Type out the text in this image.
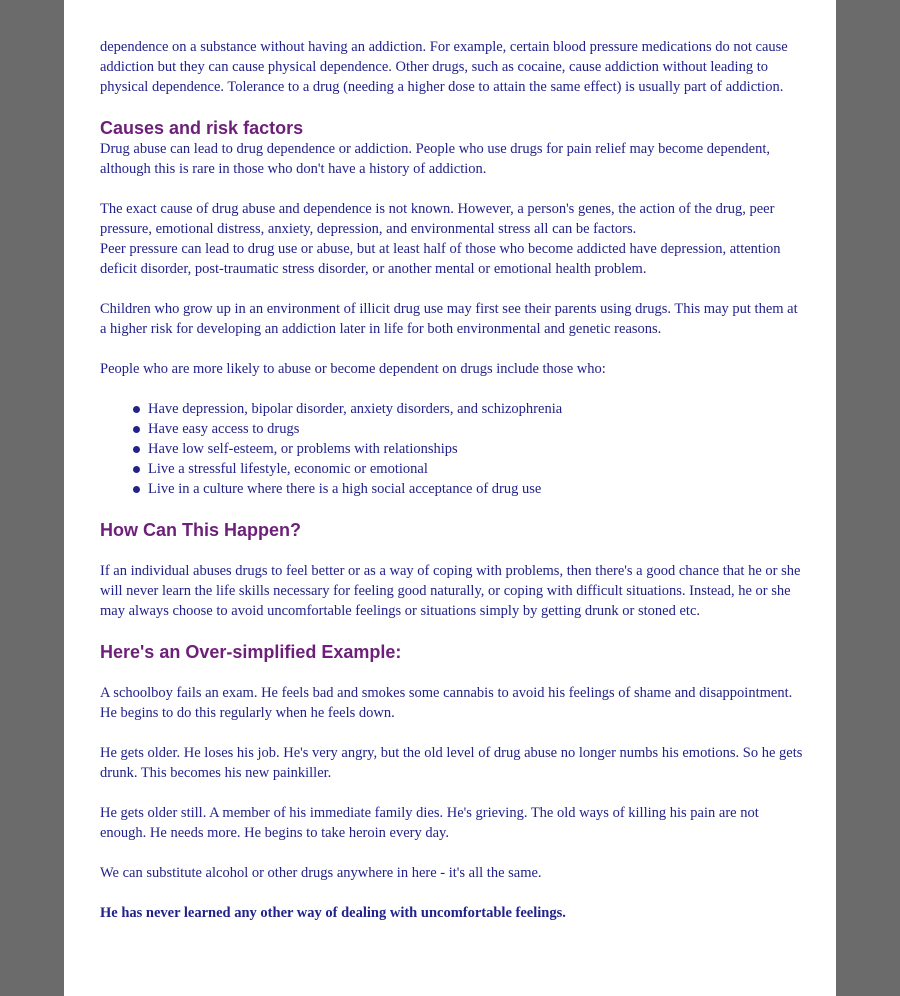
dependence on a substance without having an addiction. For example, certain blood pressure medications do not cause addiction but they can cause physical dependence. Other drugs, such as cocaine, cause addiction without leading to physical dependence. Tolerance to a drug (needing a higher dose to attain the same effect) is usually part of addiction.

Causes and risk factors

Drug abuse can lead to drug dependence or addiction. People who use drugs for pain relief may become dependent, although this is rare in those who don't have a history of addiction.

The exact cause of drug abuse and dependence is not known. However, a person's genes, the action of the drug, peer pressure, emotional distress, anxiety, depression, and environmental stress all can be factors.

Peer pressure can lead to drug use or abuse, but at least half of those who become addicted have depression, attention deficit disorder, post-traumatic stress disorder, or another mental or emotional health problem.

Children who grow up in an environment of illicit drug use may first see their parents using drugs. This may put them at a higher risk for developing an addiction later in life for both environmental and genetic reasons.

People who are more likely to abuse or become dependent on drugs include those who:

Have depression, bipolar disorder, anxiety disorders, and schizophrenia
Have easy access to drugs
Have low self-esteem, or problems with relationships
Live a stressful lifestyle, economic or emotional
Live in a culture where there is a high social acceptance of drug use
How Can This Happen?

If an individual abuses drugs to feel better or as a way of coping with problems, then there's a good chance that he or she will never learn the life skills necessary for feeling good naturally, or coping with difficult situations. Instead, he or she may always choose to avoid uncomfortable feelings or situations simply by getting drunk or stoned etc.

Here's an Over-simplified Example:

A schoolboy fails an exam. He feels bad and smokes some cannabis to avoid his feelings of shame and disappointment. He begins to do this regularly when he feels down.

He gets older. He loses his job. He's very angry, but the old level of drug abuse no longer numbs his emotions. So he gets drunk. This becomes his new painkiller.

He gets older still. A member of his immediate family dies. He's grieving. The old ways of killing his pain are not enough. He needs more. He begins to take heroin every day.

We can substitute alcohol or other drugs anywhere in here - it's all the same.

He has never learned any other way of dealing with uncomfortable feelings.
